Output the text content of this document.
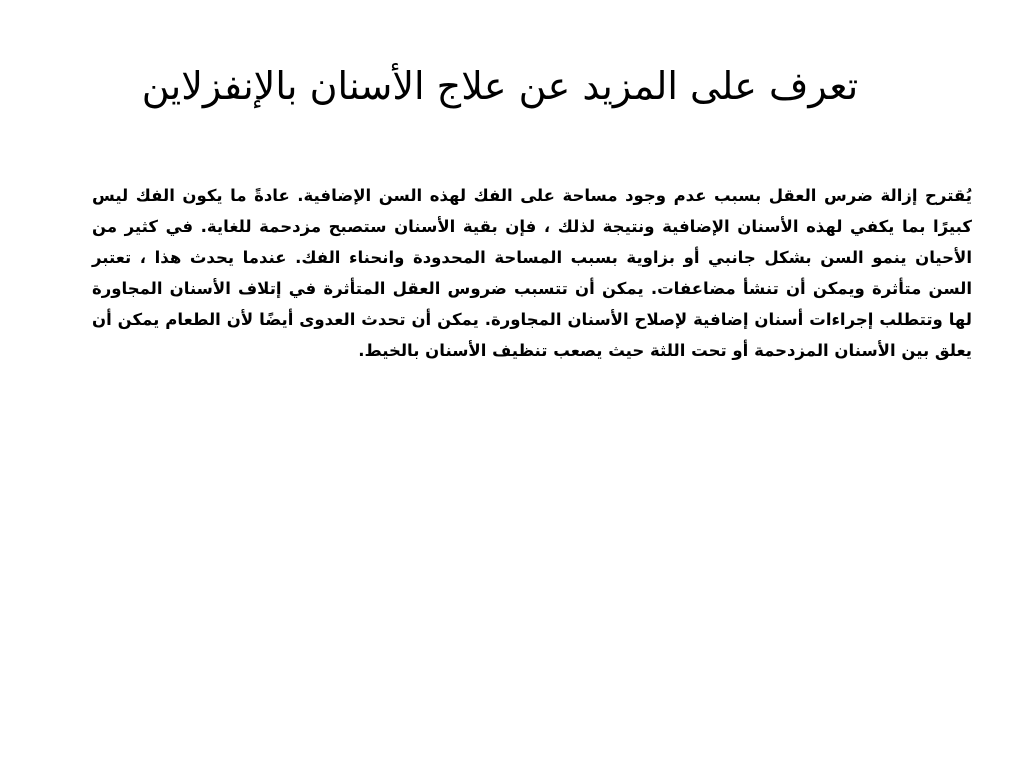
تعرف على المزيد عن علاج الأسنان بالإنفزلاين

يُقترح إزالة ضرس العقل بسبب عدم وجود مساحة على الفك لهذه السن الإضافية. عادةً ما يكون الفك ليس كبيرًا بما يكفي لهذه الأسنان الإضافية ونتيجة لذلك ، فإن بقية الأسنان ستصبح مزدحمة للغاية. في كثير من الأحيان ينمو السن بشكل جانبي أو بزاوية بسبب المساحة المحدودة وانحناء الفك. عندما يحدث هذا ، تعتبر السن متأثرة ويمكن أن تنشأ مضاعفات. يمكن أن تتسبب ضروس العقل المتأثرة في إتلاف الأسنان المجاورة لها وتتطلب إجراءات أسنان إضافية لإصلاح الأسنان المجاورة. يمكن أن تحدث العدوى أيضًا لأن الطعام يمكن أن يعلق بين الأسنان المزدحمة أو تحت اللثة حيث يصعب تنظيف الأسنان بالخيط.
